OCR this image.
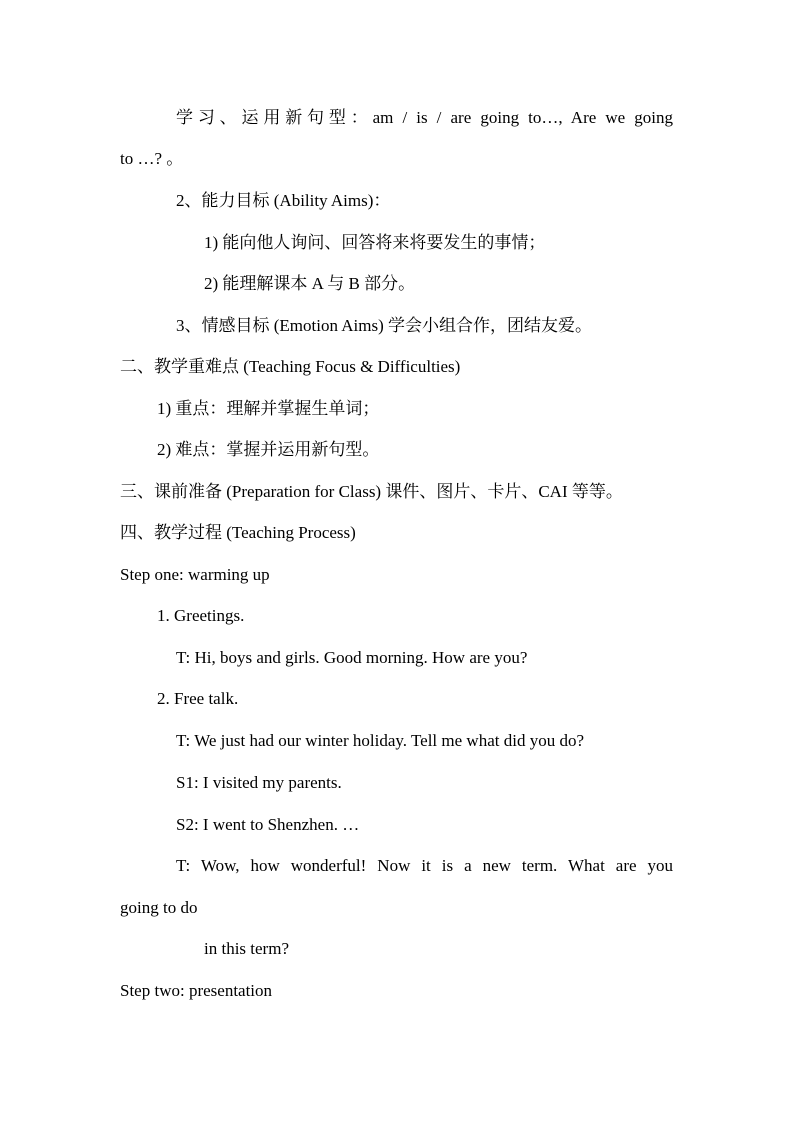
学习、运用新句型：am / is / are going to…, Are we going
to …? 。
2、能力目标 (Ability Aims)：
1) 能向他人询问、回答将来将要发生的事情；
2) 能理解课本 A 与 B 部分。
3、情感目标 (Emotion Aims) 学会小组合作，团结友爱。
二、教学重难点 (Teaching Focus & Difficulties)
1) 重点：理解并掌握生单词；
2) 难点：掌握并运用新句型。
三、课前准备 (Preparation for Class) 课件、图片、卡片、CAI 等等。
四、教学过程 (Teaching Process)
Step one: warming up
1. Greetings.
T: Hi, boys and girls. Good morning. How are you?
2. Free talk.
T: We just had our winter holiday. Tell me what did you do?
S1: I visited my parents.
S2: I went to Shenzhen. …
T: Wow, how wonderful! Now it is a new term. What are you
going to do
in this term?
Step two: presentation
